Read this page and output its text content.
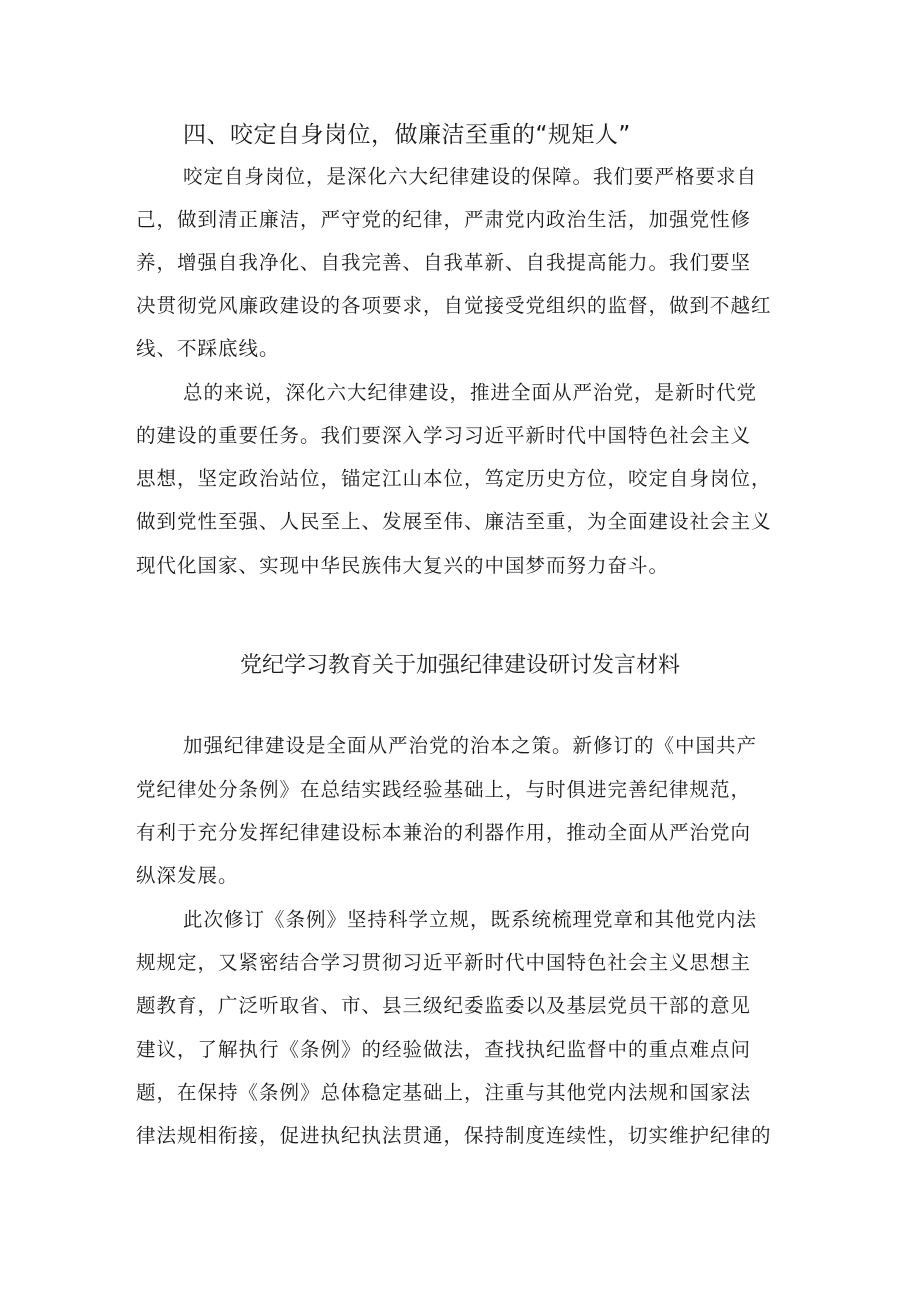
四、咬定自身岗位，做廉洁至重的“规矩人”
咬定自身岗位，是深化六大纪律建设的保障。我们要严格要求自
己，做到清正廉洁，严守党的纪律，严肃党内政治生活，加强党性修
养，增强自我净化、自我完善、自我革新、自我提高能力。我们要坚
决贯彻党风廉政建设的各项要求，自觉接受党组织的监督，做到不越红
线、不踩底线。
总的来说，深化六大纪律建设，推进全面从严治党，是新时代党
的建设的重要任务。我们要深入学习习近平新时代中国特色社会主义
思想，坚定政治站位，锚定江山本位，笃定历史方位，咬定自身岗位，
做到党性至强、人民至上、发展至伟、廉洁至重，为全面建设社会主义
现代化国家、实现中华民族伟大复兴的中国梦而努力奋斗。
党纪学习教育关于加强纪律建设研讨发言材料
加强纪律建设是全面从严治党的治本之策。新修订的《中国共产
党纪律处分条例》在总结实践经验基础上，与时俱进完善纪律规范，
有利于充分发挥纪律建设标本兼治的利器作用，推动全面从严治党向
纵深发展。
此次修订《条例》坚持科学立规，既系统梳理党章和其他党内法
规规定，又紧密结合学习贯彻习近平新时代中国特色社会主义思想主
题教育，广泛听取省、市、县三级纪委监委以及基层党员干部的意见
建议，了解执行《条例》的经验做法，查找执纪监督中的重点难点问
题，在保持《条例》总体稳定基础上，注重与其他党内法规和国家法
律法规相衔接，促进执纪执法贯通，保持制度连续性，切实维护纪律的
